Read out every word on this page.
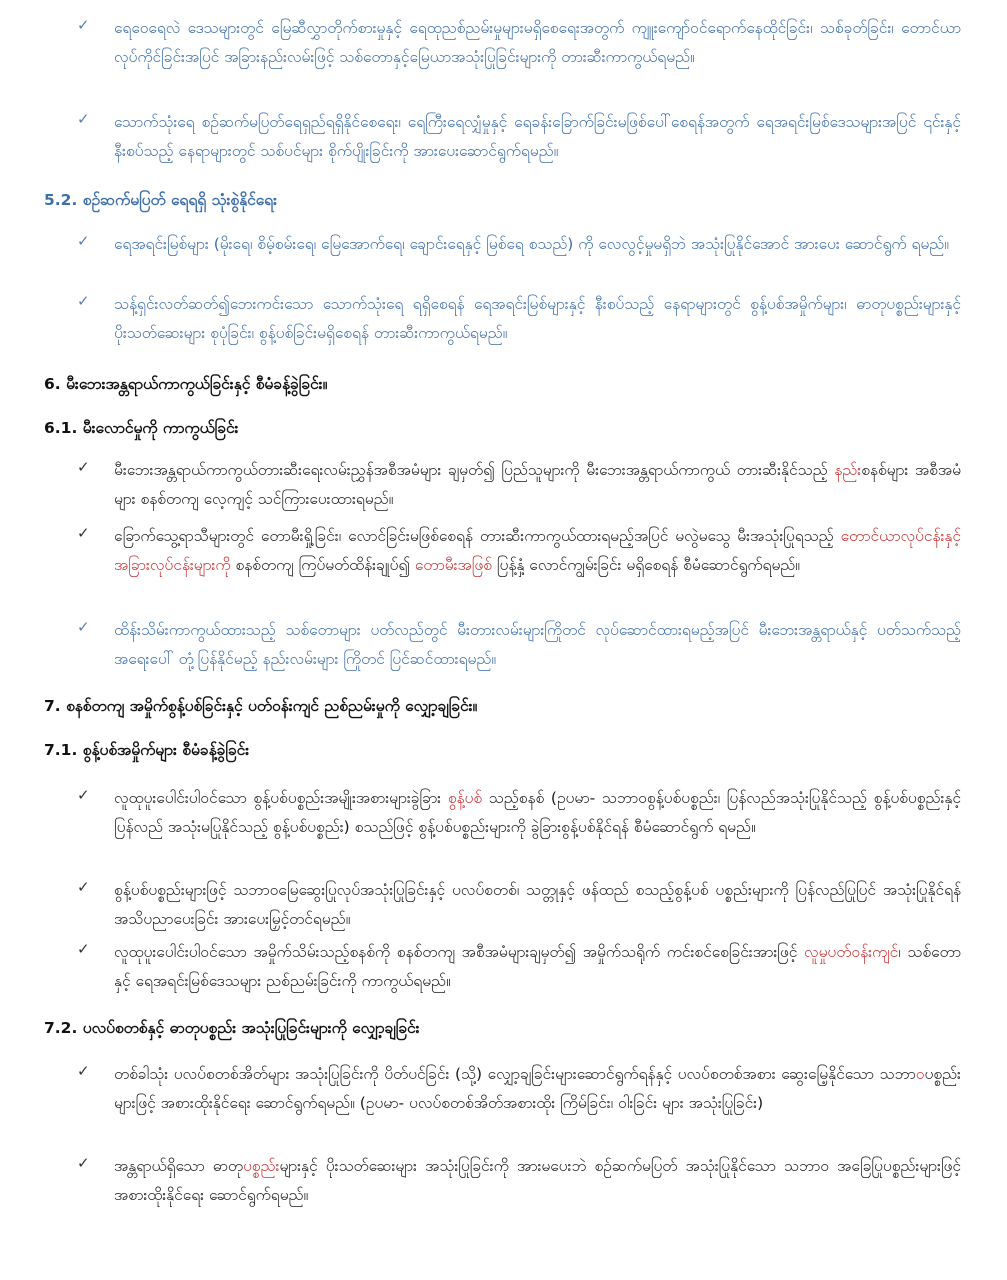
✓ ရေဝေရေလဲ ဒေသများတွင် မြေဆီလွှာတိုက်စားမှုနှင့် ရေထုညစ်ညမ်းမှုများမရှိစေရေးအတွက် ကျူးကျော်ဝင်ရောက်နေထိုင်ခြင်း၊ သစ်ခုတ်ခြင်း၊ တောင်ယာလုပ်ကိုင်ခြင်းအပြင် အခြားနည်းလမ်းဖြင့် သစ်တောနှင့်မြေယာအသုံးပြုခြင်းများကို တားဆီးကာကွယ်ရမည်။
✓ သောက်သုံးရေ စဉ်ဆက်မပြတ်ရေရှည်ရရှိနိုင်စေရေး၊ ရေကြီးရေလျှံမှုနှင့် ရေခန်းခြောက်ခြင်းမဖြစ်ပေါ်စေရန်အတွက် ရေအရင်းမြစ်ဒေသများအပြင် ၎င်းနှင့်နီးစပ်သည့် နေရာများတွင် သစ်ပင်များ စိုက်ပျိုးခြင်းကို အားပေးဆောင်ရွက်ရမည်။
5.2. စဉ်ဆက်မပြတ် ရေရရှိ သုံးစွဲနိုင်ရေး
✓ ရေအရင်းမြစ်များ (မိုးရေ၊ စိမ့်စမ်းရေ၊ မြေအောက်ရေ၊ ချောင်းရေနှင့် မြစ်ရေ စသည်) ကို လေလွင့်မှုမရှိဘဲ အသုံးပြုနိုင်အောင် အားပေး ဆောင်ရွက် ရမည်။
✓ သန့်ရှင်းလတ်ဆတ်၍ဘေးကင်းသော သောက်သုံးရေ ရရှိစေရန် ရေအရင်းမြစ်များနှင့် နီးစပ်သည့် နေရာများတွင် စွန့်ပစ်အမှိုက်များ၊ ဓာတုပစ္စည်းများနှင့် ပိုးသတ်ဆေးများ စုပုံခြင်း၊ စွန့်ပစ်ခြင်းမရှိစေရန် တားဆီးကာကွယ်ရမည်။
6. မီးဘေးအန္တရာယ်ကာကွယ်ခြင်းနှင့် စီမံခန့်ခွဲခြင်း။
6.1. မီးလောင်မှုကို ကာကွယ်ခြင်း
✓ မီးဘေးအန္တရာယ်ကာကွယ်တားဆီးရေးလမ်းညွှန်အစီအမံများ ချမှတ်၍ ပြည်သူများကို မီးဘေးအန္တရာယ်ကာကွယ် တားဆီးနိုင်သည့် နည်းစနစ်များ အစီအမံများ စနစ်တကျ လေ့ကျင့် သင်ကြားပေးထားရမည်။
✓ ခြောက်သွေ့ရာသီများတွင် တောမီးရှို့ခြင်း၊ လောင်ခြင်းမဖြစ်စေရန် တားဆီးကာကွယ်ထားရမည့်အပြင် မလွဲမသွေ မီးအသုံးပြုရသည့် တောင်ယာလုပ်ငန်းနှင့် အခြားလုပ်ငန်းများကို စနစ်တကျ ကြပ်မတ်ထိန်းချုပ်၍ တောမီးအဖြစ် ပြန့်နှံ့ လောင်ကျွမ်းခြင်း မရှိစေရန် စီမံဆောင်ရွက်ရမည်။
✓ ထိန်းသိမ်းကာကွယ်ထားသည့် သစ်တောများ ပတ်လည်တွင် မီးတားလမ်းများကြိုတင် လုပ်ဆောင်ထားရမည့်အပြင် မီးဘေးအန္တရာယ်နှင့် ပတ်သက်သည့် အရေးပေါ် တုံ့ပြန်နိုင်မည့် နည်းလမ်းများ ကြိုတင် ပြင်ဆင်ထားရမည်။
7. စနစ်တကျ အမှိုက်စွန့်ပစ်ခြင်းနှင့် ပတ်ဝန်းကျင် ညစ်ညမ်းမှုကို လျှော့ချခြင်း။
7.1. စွန့်ပစ်အမှိုက်များ စီမံခန့်ခွဲခြင်း
✓ လူထုပူးပေါင်းပါဝင်သော စွန့်ပစ်ပစ္စည်းအမျိုးအစားများခွဲခြား စွန့်ပစ် သည့်စနစ် (ဥပမာ- သဘာဝစွန့်ပစ်ပစ္စည်း၊ ပြန်လည်အသုံးပြုနိုင်သည့် စွန့်ပစ်ပစ္စည်းနှင့် ပြန်လည် အသုံးမပြုနိုင်သည့် စွန့်ပစ်ပစ္စည်း) စသည်ဖြင့် စွန့်ပစ်ပစ္စည်းများကို ခွဲခြားစွန့်ပစ်နိုင်ရန် စီမံဆောင်ရွက် ရမည်။
✓ စွန့်ပစ်ပစ္စည်းများဖြင့် သဘာဝမြေဆွေးပြုလုပ်အသုံးပြုခြင်းနှင့် ပလပ်စတစ်၊ သတ္တုနှင့် ဖန်ထည် စသည့်စွန့်ပစ် ပစ္စည်းများကို ပြန်လည်ပြုပြင် အသုံးပြုနိုင်ရန်အသိပညာပေးခြင်း အားပေးမြှင့်တင်ရမည်။
✓ လူထုပူးပေါင်းပါဝင်သော အမှိုက်သိမ်းသည့်စနစ်ကို စနစ်တကျ အစီအမံများချမှတ်၍ အမှိုက်သရိုက် ကင်းစင်စေခြင်းအားဖြင့် လူမှုပတ်ဝန်းကျင်၊ သစ်တောနှင့် ရေအရင်းမြစ်ဒေသများ ညစ်ညမ်းခြင်းကို ကာကွယ်ရမည်။
7.2. ပလပ်စတစ်နှင့် ဓာတုပစ္စည်း အသုံးပြုခြင်းများကို လျှော့ချခြင်း
✓ တစ်ခါသုံး ပလပ်စတစ်အိတ်များ အသုံးပြုခြင်းကို ပိတ်ပင်ခြင်း (သို့) လျှော့ချခြင်းများဆောင်ရွက်ရန်နှင့် ပလပ်စတစ်အစား ဆွေးမြေ့နိုင်သော သဘာဝပစ္စည်းများဖြင့် အစားထိုးနိုင်ရေး ဆောင်ရွက်ရမည်။ (ဥပမာ- ပလပ်စတစ်အိတ်အစားထိုး ကြိမ်ခြင်း၊ ဝါးခြင်း များ အသုံးပြုခြင်း)
✓ အန္တရာယ်ရှိသော ဓာတုပစ္စည်းများနှင့် ပိုးသတ်ဆေးများ အသုံးပြုခြင်းကို အားမပေးဘဲ စဉ်ဆက်မပြတ် အသုံးပြုနိုင်သော သဘာဝ အခြေပြုပစ္စည်းများဖြင့် အစားထိုးနိုင်ရေး ဆောင်ရွက်ရမည်။
